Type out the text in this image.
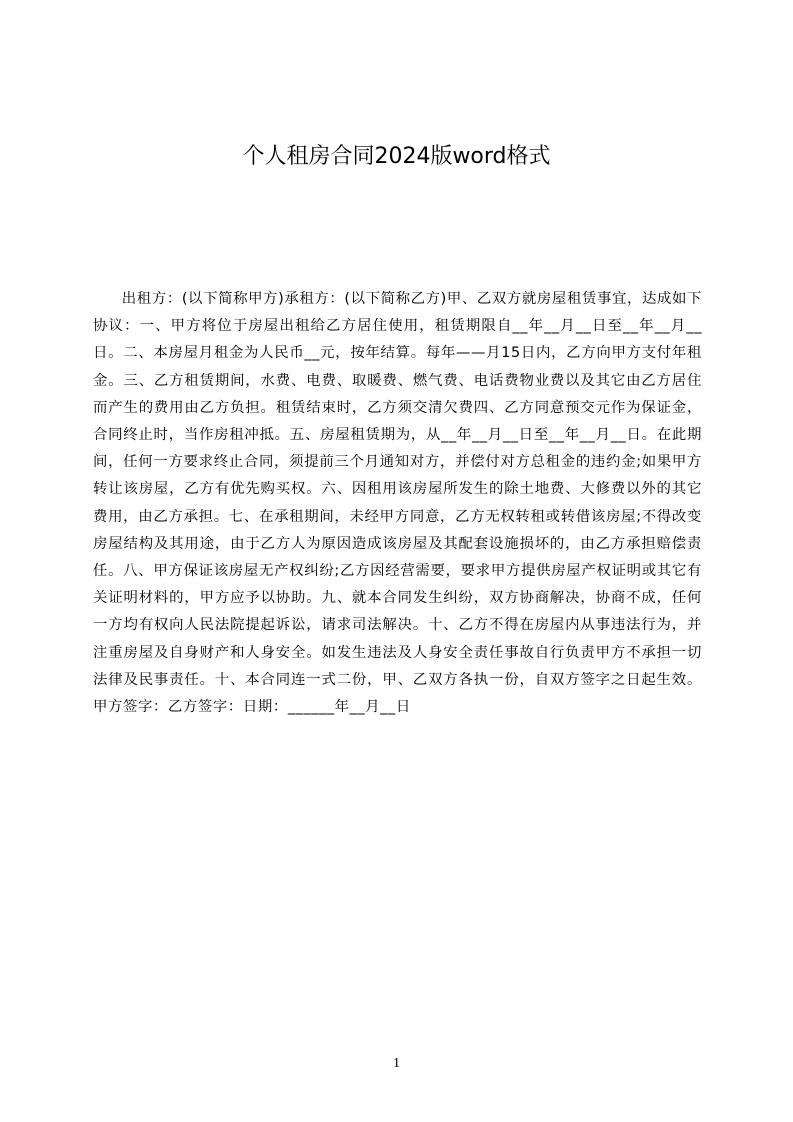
个人租房合同2024版word格式
出租方：(以下简称甲方)承租方：(以下简称乙方)甲、乙双方就房屋租赁事宜，达成如下协议：一、甲方将位于房屋出租给乙方居住使用，租赁期限自__年__月__日至__年__月__日。二、本房屋月租金为人民币__元，按年结算。每年——月15日内，乙方向甲方支付年租金。三、乙方租赁期间，水费、电费、取暖费、燃气费、电话费物业费以及其它由乙方居住而产生的费用由乙方负担。租赁结束时，乙方须交清欠费四、乙方同意预交元作为保证金，合同终止时，当作房租冲抵。五、房屋租赁期为，从__年__月__日至__年__月__日。在此期间，任何一方要求终止合同，须提前三个月通知对方，并偿付对方总租金的违约金;如果甲方转让该房屋，乙方有优先购买权。六、因租用该房屋所发生的除土地费、大修费以外的其它费用，由乙方承担。七、在承租期间，未经甲方同意，乙方无权转租或转借该房屋;不得改变房屋结构及其用途，由于乙方人为原因造成该房屋及其配套设施损坏的，由乙方承担赔偿责任。八、甲方保证该房屋无产权纠纷;乙方因经营需要，要求甲方提供房屋产权证明或其它有关证明材料的，甲方应予以协助。九、就本合同发生纠纷，双方协商解决，协商不成，任何一方均有权向人民法院提起诉讼，请求司法解决。十、乙方不得在房屋内从事违法行为，并注重房屋及自身财产和人身安全。如发生违法及人身安全责任事故自行负责甲方不承担一切法律及民事责任。十、本合同连一式二份，甲、乙双方各执一份，自双方签字之日起生效。甲方签字：乙方签字：日期：______年__月__日
1
